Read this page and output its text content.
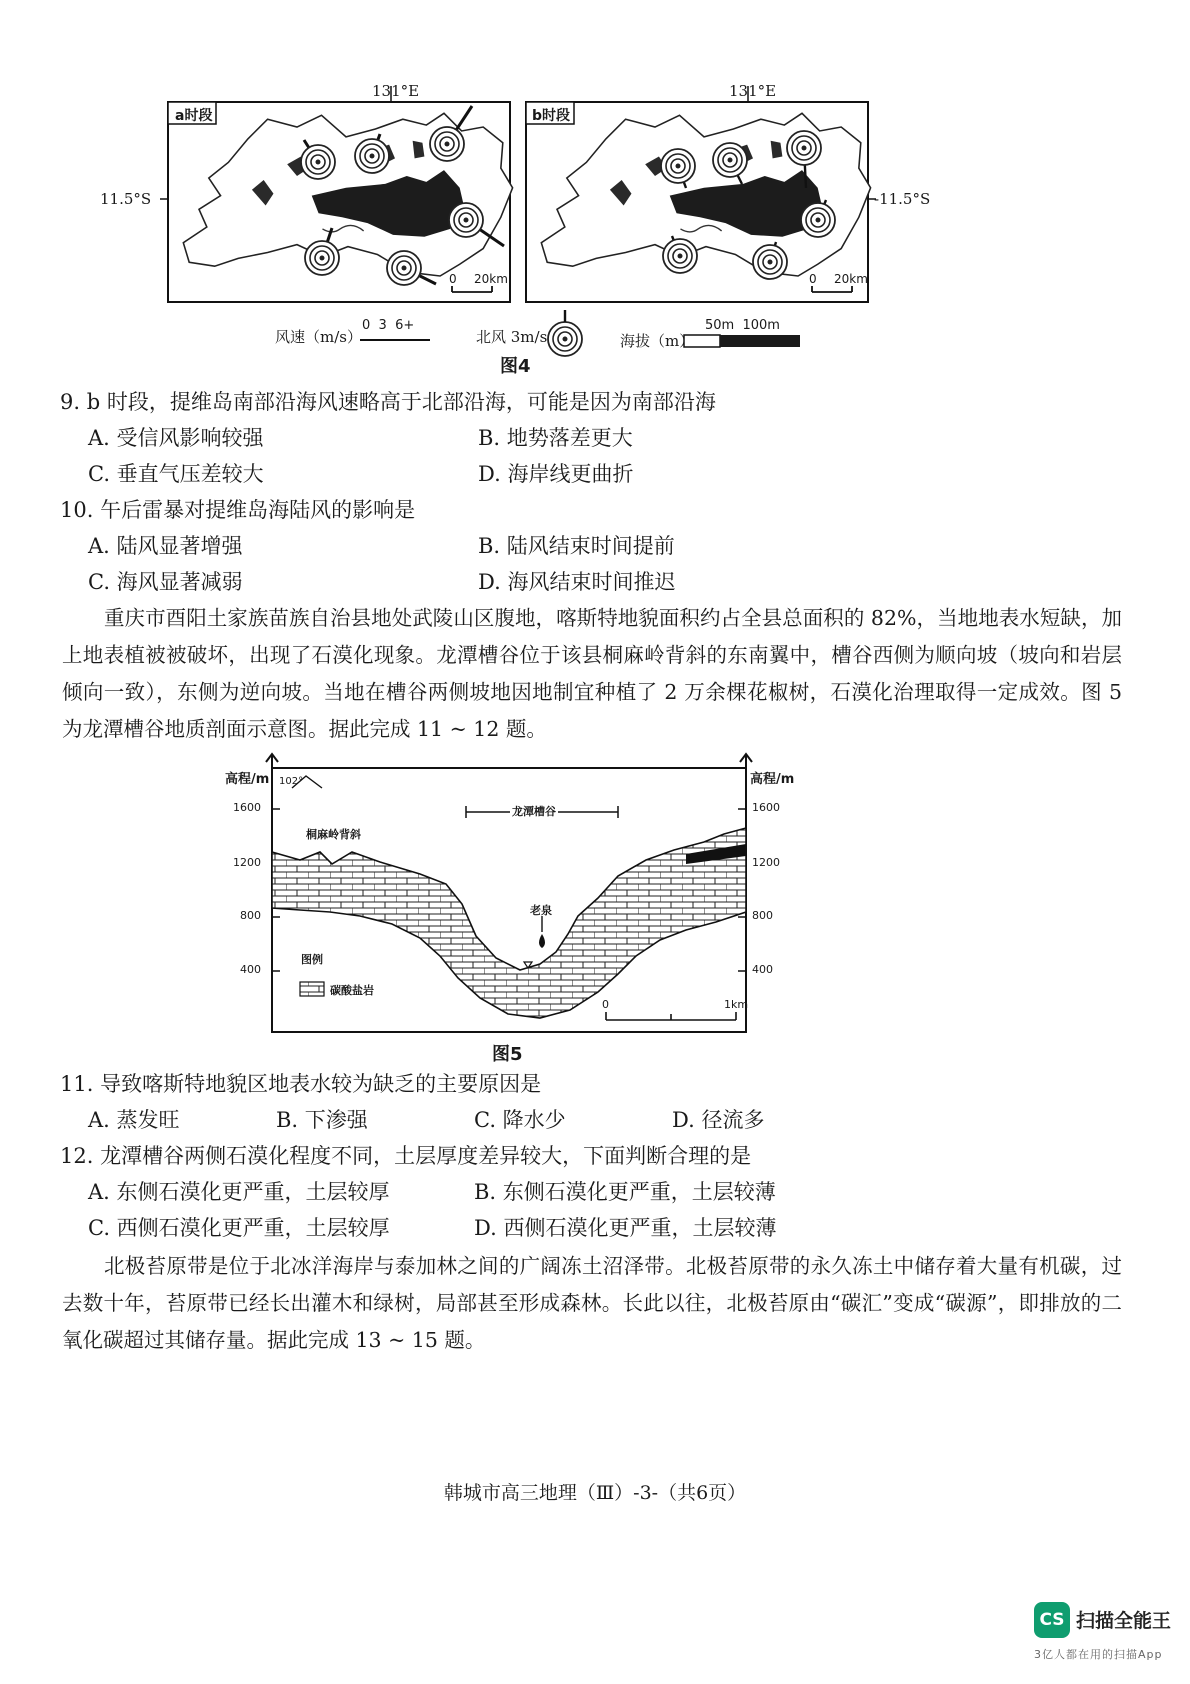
a时段	b时段
131°E	131°E
11.5°S	-11.5°S
0 20km	0 20km
风速（m/s）
0  3  6+
北风 3m/s	海拔（m）
50m  100m
图4
9. b 时段，提维岛南部沿海风速略高于北部沿海，可能是因为南部沿海
A. 受信风影响较强	B. 地势落差更大
C. 垂直气压差较大	D. 海岸线更曲折
10. 午后雷暴对提维岛海陆风的影响是
A. 陆风显著增强	B. 陆风结束时间提前
C. 海风显著减弱	D. 海风结束时间推迟
重庆市酉阳土家族苗族自治县地处武陵山区腹地，喀斯特地貌面积约占全县总面积的 82%，当地地表水短缺，加上地表植被被破坏，出现了石漠化现象。龙潭槽谷位于该县桐麻岭背斜的东南翼中，槽谷西侧为顺向坡（坡向和岩层倾向一致），东侧为逆向坡。当地在槽谷两侧坡地因地制宜种植了 2 万余棵花椒树，石漠化治理取得一定成效。图 5 为龙潭槽谷地质剖面示意图。据此完成 11 ~ 12 题。
高程/m	高程/m
1600
1200
800
400
1600
1200
800
400
102°
桐麻岭背斜
龙潭槽谷
老泉
图例
碳酸盐岩
0	1km
图5
11. 导致喀斯特地貌区地表水较为缺乏的主要原因是
A. 蒸发旺	B. 下渗强	C. 降水少	D. 径流多
12. 龙潭槽谷两侧石漠化程度不同，土层厚度差异较大，下面判断合理的是
A. 东侧石漠化更严重，土层较厚	B. 东侧石漠化更严重，土层较薄
C. 西侧石漠化更严重，土层较厚	D. 西侧石漠化更严重，土层较薄
北极苔原带是位于北冰洋海岸与泰加林之间的广阔冻土沼泽带。北极苔原带的永久冻土中储存着大量有机碳，过去数十年，苔原带已经长出灌木和绿树，局部甚至形成森林。长此以往，北极苔原由“碳汇”变成“碳源”，即排放的二氧化碳超过其储存量。据此完成 13 ~ 15 题。
韩城市高三地理（Ⅲ）-3-（共6页）
CS 扫描全能王
3亿人都在用的扫描App
